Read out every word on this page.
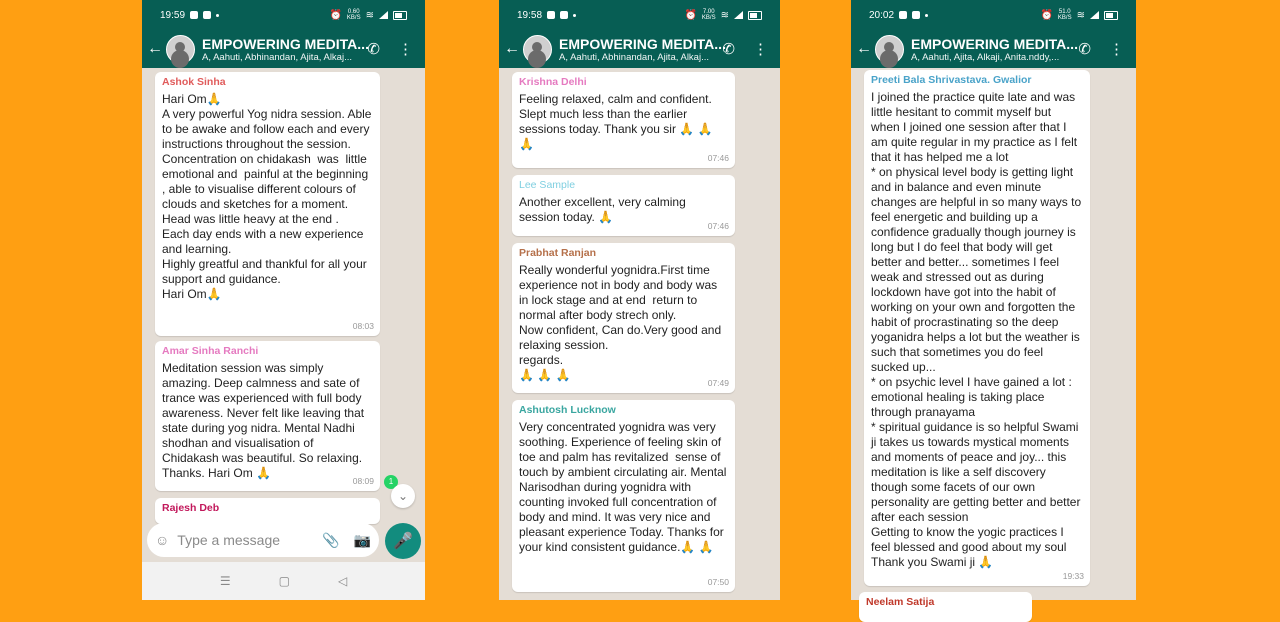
19:59	⏰ 0.60
KB/S ≋
←	EMPOWERING MEDITA...
A, Aahuti, Abhinandan, Ajita, Alkaj...	✆ ⋮
Ashok Sinha
Hari Om🙏
A very powerful Yog nidra session. Able to be awake and follow each and every instructions throughout the session. Concentration on chidakash  was  little emotional and  painful at the beginning , able to visualise different colours of clouds and sketches for a moment. Head was little heavy at the end .
Each day ends with a new experience and learning.
Highly greatful and thankful for all your support and guidance.
Hari Om🙏
08:03
Amar Sinha Ranchi
Meditation session was simply amazing. Deep calmness and sate of trance was experienced with full body awareness. Never felt like leaving that state during yog nidra. Mental Nadhi shodhan and visualisation of Chidakash was beautiful. So relaxing. Thanks. Hari Om 🙏
08:09	1
⌄
Rajesh Deb
☺ Type a message	📎 📷 🎤
☰	▢	◁
19:58	⏰ 7.00
KB/S ≋
←	EMPOWERING MEDITA...
A, Aahuti, Abhinandan, Ajita, Alkaj... ✆ ⋮
Krishna Delhi
Feeling relaxed, calm and confident. Slept much less than the earlier sessions today. Thank you sir 🙏 🙏
🙏
07:46
Lee Sample
Another excellent, very calming session today. 🙏
07:46
Prabhat Ranjan
Really wonderful yognidra.First time experience not in body and body was in lock stage and at end  return to normal after body strech only.
Now confident, Can do.Very good and relaxing session.
regards.
🙏 🙏 🙏
07:49
Ashutosh Lucknow
Very concentrated yognidra was very soothing. Experience of feeling skin of toe and palm has revitalized  sense of touch by ambient circulating air. Mental Narisodhan during yognidra with counting invoked full concentration of body and mind. It was very nice and pleasant experience Today. Thanks for your kind consistent guidance.🙏 🙏
07:50
20:02	⏰ 51.0
KB/S ≋
←	EMPOWERING MEDITA...
A, Aahuti, Ajita, Alkaji, Anita.nddy,...	✆ ⋮
Preeti Bala Shrivastava. Gwalior
I joined the practice quite late and was little hesitant to commit myself but when I joined one session after that I am quite regular in my practice as I felt that it has helped me a lot
* on physical level body is getting light and in balance and even minute changes are helpful in so many ways to feel energetic and building up a confidence gradually though journey is long but I do feel that body will get better and better... sometimes I feel weak and stressed out as during lockdown have got into the habit of working on your own and forgotten the habit of procrastinating so the deep yoganidra helps a lot but the weather is such that sometimes you do feel sucked up...
* on psychic level I have gained a lot : emotional healing is taking place through pranayama
* spiritual guidance is so helpful Swami ji takes us towards mystical moments and moments of peace and joy... this meditation is like a self discovery though some facets of our own personality are getting better and better after each session
Getting to know the yogic practices I feel blessed and good about my soul
Thank you Swami ji 🙏
19:33
Neelam Satija
